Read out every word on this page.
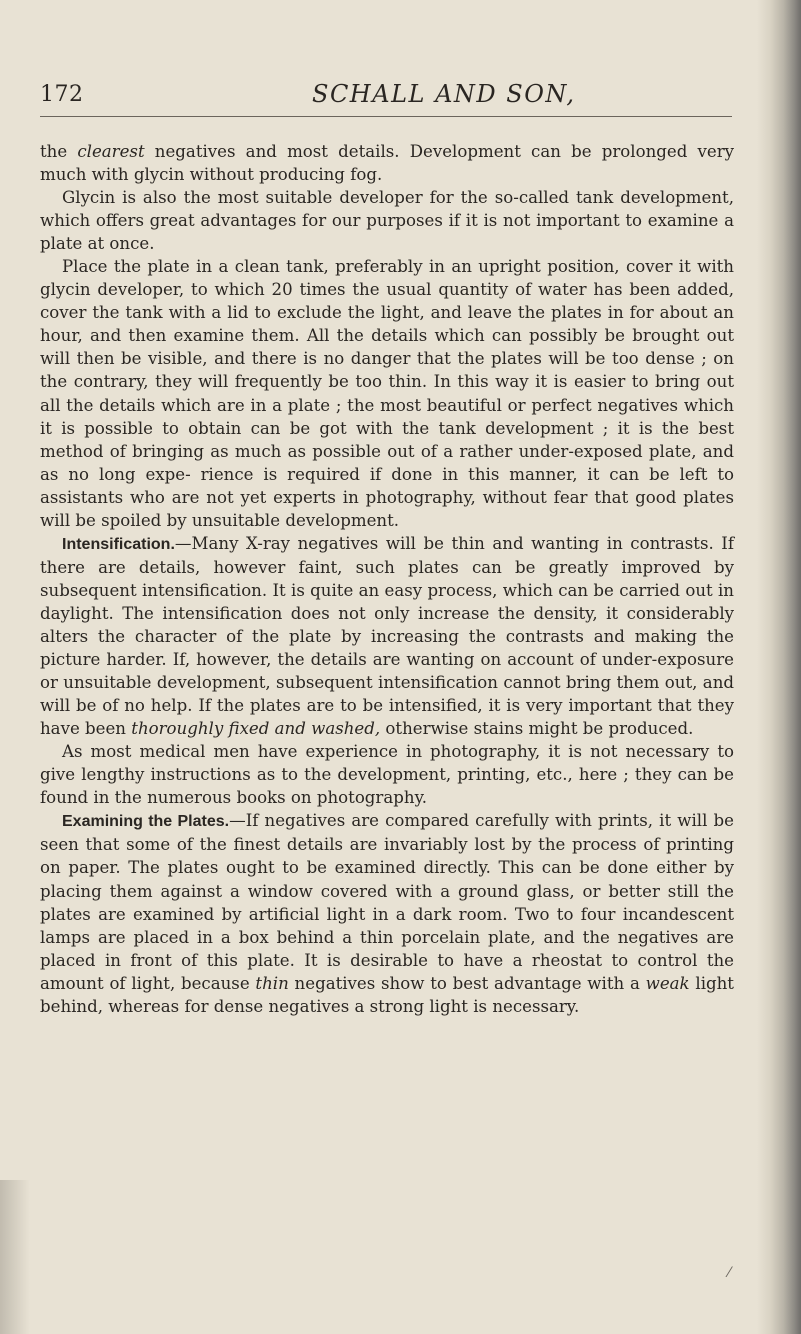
172	SCHALL AND SON,

the clearest negatives and most details. Development can be prolonged very much with glycin without producing fog.

Glycin is also the most suitable developer for the so-called tank development, which offers great advantages for our purposes if it is not important to examine a plate at once.

Place the plate in a clean tank, preferably in an upright position, cover it with glycin developer, to which 20 times the usual quantity of water has been added, cover the tank with a lid to exclude the light, and leave the plates in for about an hour, and then examine them. All the details which can possibly be brought out will then be visible, and there is no danger that the plates will be too dense ; on the contrary, they will frequently be too thin. In this way it is easier to bring out all the details which are in a plate ; the most beautiful or perfect negatives which it is possible to obtain can be got with the tank development ; it is the best method of bringing as much as possible out of a rather under-exposed plate, and as no long expe- rience is required if done in this manner, it can be left to assistants who are not yet experts in photography, without fear that good plates will be spoiled by unsuitable development.

Intensification.—Many X-ray negatives will be thin and wanting in contrasts. If there are details, however faint, such plates can be greatly improved by subsequent intensification. It is quite an easy process, which can be carried out in daylight. The intensification does not only increase the density, it considerably alters the character of the plate by increasing the contrasts and making the picture harder. If, however, the details are wanting on account of under-exposure or unsuitable development, subsequent intensification cannot bring them out, and will be of no help. If the plates are to be intensified, it is very important that they have been thoroughly fixed and washed, otherwise stains might be produced.

As most medical men have experience in photography, it is not necessary to give lengthy instructions as to the development, printing, etc., here ; they can be found in the numerous books on photography.

Examining the Plates.—If negatives are compared carefully with prints, it will be seen that some of the finest details are invariably lost by the process of printing on paper. The plates ought to be examined directly. This can be done either by placing them against a window covered with a ground glass, or better still the plates are examined by artificial light in a dark room. Two to four incandescent lamps are placed in a box behind a thin porcelain plate, and the negatives are placed in front of this plate. It is desirable to have a rheostat to control the amount of light, because thin negatives show to best advantage with a weak light behind, whereas for dense negatives a strong light is necessary.

⁄
